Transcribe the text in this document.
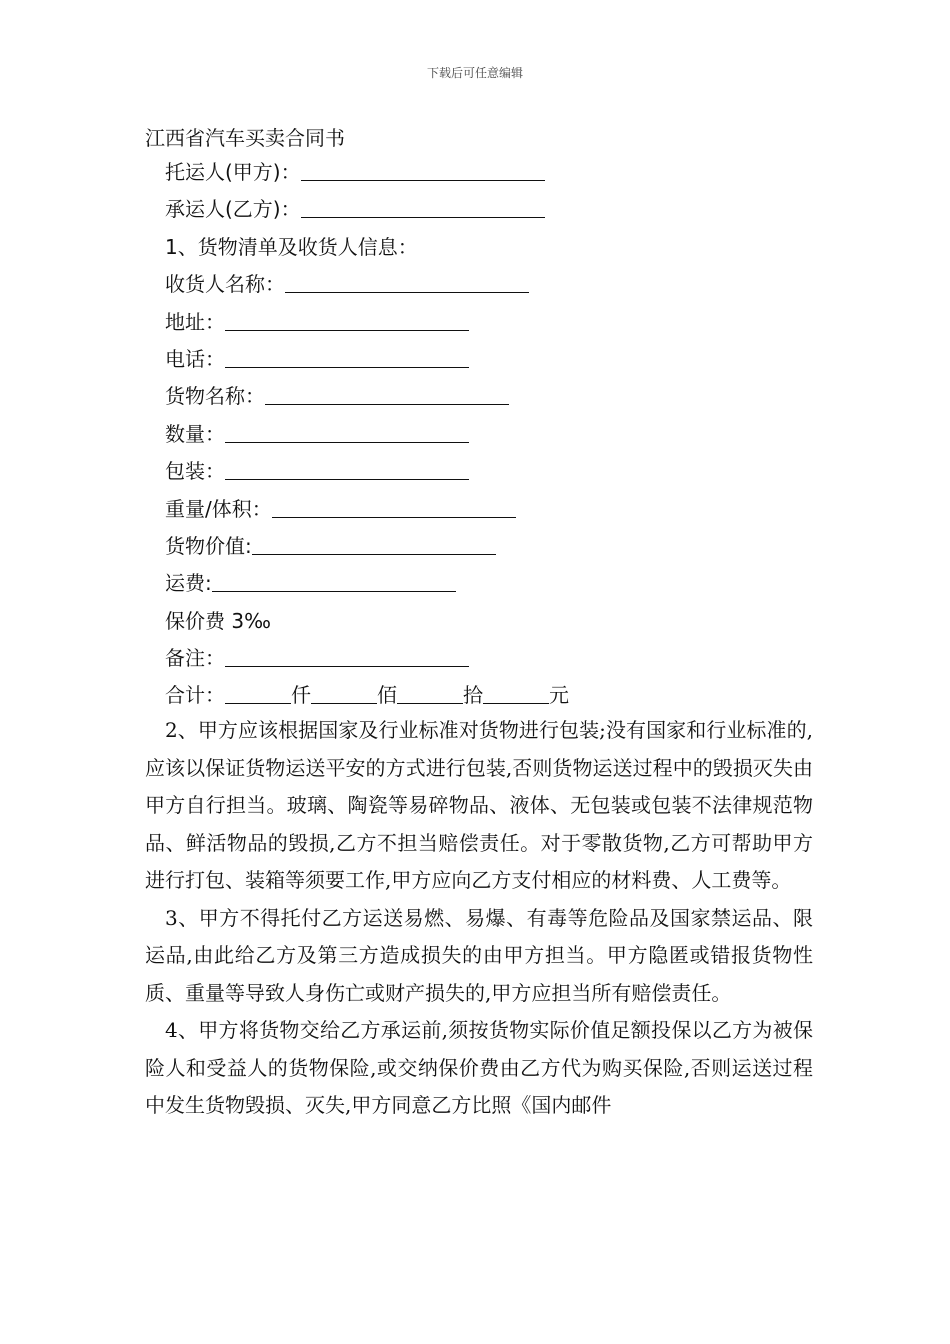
下载后可任意编辑
江西省汽车买卖合同书
托运人(甲方)：
承运人(乙方)：
1、货物清单及收货人信息：
收货人名称：
地址：
电话：
货物名称：
数量：
包装：
重量/体积：
货物价值:
运费:
保价费 3‰
备注：
合计：	仟	佰	拾	元

2、甲方应该根据国家及行业标准对货物进行包装;没有国家和行业标准的,应该以保证货物运送平安的方式进行包装,否则货物运送过程中的毁损灭失由甲方自行担当。玻璃、陶瓷等易碎物品、液体、无包装或包装不法律规范物品、鲜活物品的毁损,乙方不担当赔偿责任。对于零散货物,乙方可帮助甲方进行打包、装箱等须要工作,甲方应向乙方支付相应的材料费、人工费等。

3、甲方不得托付乙方运送易燃、易爆、有毒等危险品及国家禁运品、限运品,由此给乙方及第三方造成损失的由甲方担当。甲方隐匿或错报货物性质、重量等导致人身伤亡或财产损失的,甲方应担当所有赔偿责任。

4、甲方将货物交给乙方承运前,须按货物实际价值足额投保以乙方为被保险人和受益人的货物保险,或交纳保价费由乙方代为购买保险,否则运送过程中发生货物毁损、灭失,甲方同意乙方比照《国内邮件
